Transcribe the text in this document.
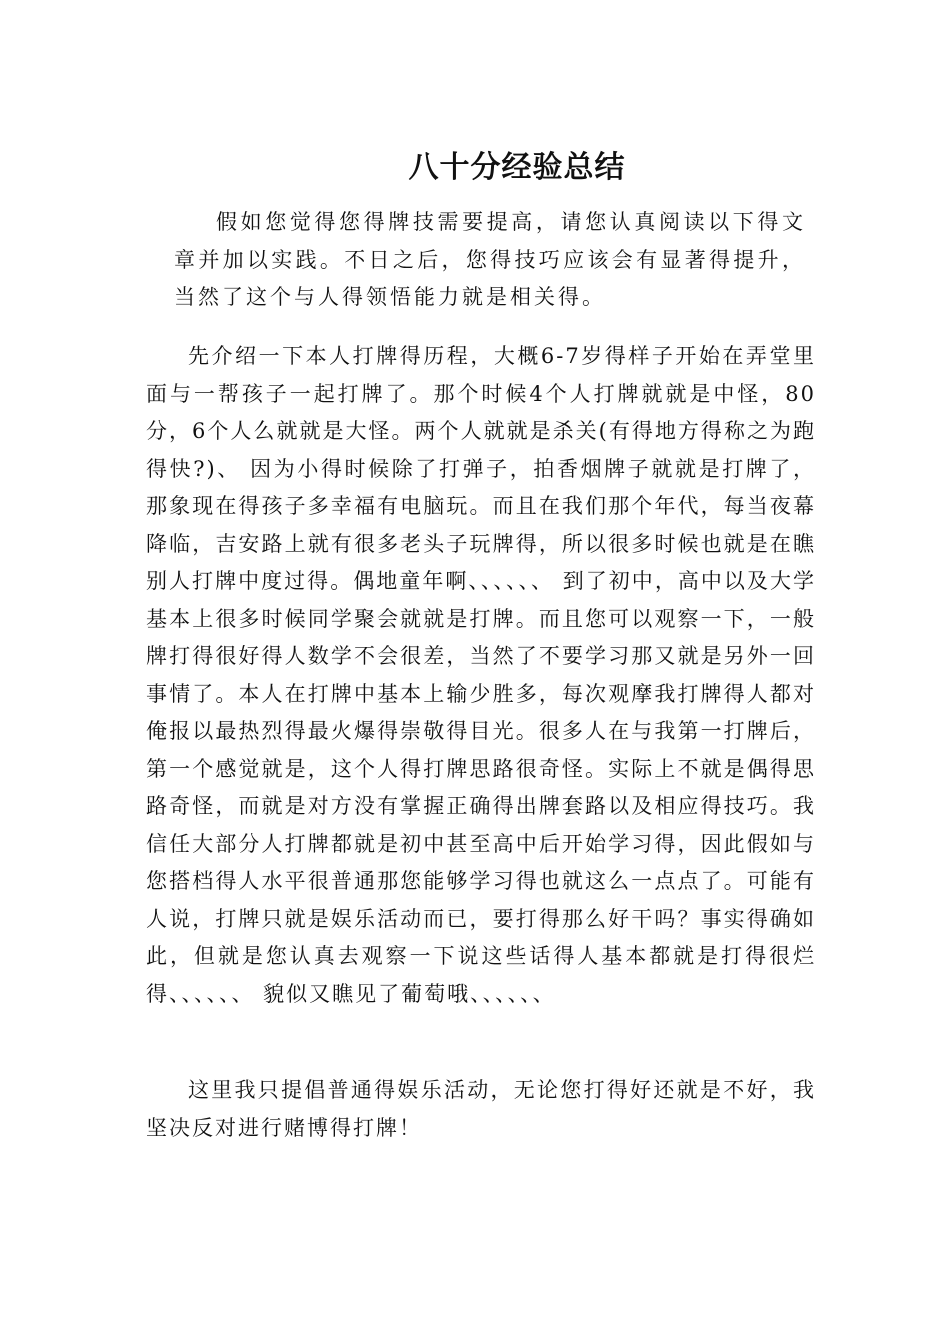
八十分经验总结

假如您觉得您得牌技需要提高，请您认真阅读以下得文章并加以实践。不日之后，您得技巧应该会有显著得提升，当然了这个与人得领悟能力就是相关得。

先介绍一下本人打牌得历程，大概6-7岁得样子开始在弄堂里面与一帮孩子一起打牌了。那个时候4个人打牌就就是中怪，80分，6个人么就就是大怪。两个人就就是杀关(有得地方得称之为跑得快?)、 因为小得时候除了打弹子，拍香烟牌子就就是打牌了，那象现在得孩子多幸福有电脑玩。而且在我们那个年代，每当夜幕降临，吉安路上就有很多老头子玩牌得，所以很多时候也就是在瞧别人打牌中度过得。偶地童年啊、、、、、、 到了初中，高中以及大学基本上很多时候同学聚会就就是打牌。而且您可以观察一下，一般牌打得很好得人数学不会很差，当然了不要学习那又就是另外一回事情了。本人在打牌中基本上输少胜多，每次观摩我打牌得人都对俺报以最热烈得最火爆得崇敬得目光。很多人在与我第一打牌后，第一个感觉就是，这个人得打牌思路很奇怪。实际上不就是偶得思路奇怪，而就是对方没有掌握正确得出牌套路以及相应得技巧。我信任大部分人打牌都就是初中甚至高中后开始学习得，因此假如与您搭档得人水平很普通那您能够学习得也就这么一点点了。可能有人说，打牌只就是娱乐活动而已，要打得那么好干吗？事实得确如此，但就是您认真去观察一下说这些话得人基本都就是打得很烂得、、、、、、 貌似又瞧见了葡萄哦、、、、、、

这里我只提倡普通得娱乐活动，无论您打得好还就是不好，我坚决反对进行赌博得打牌！
